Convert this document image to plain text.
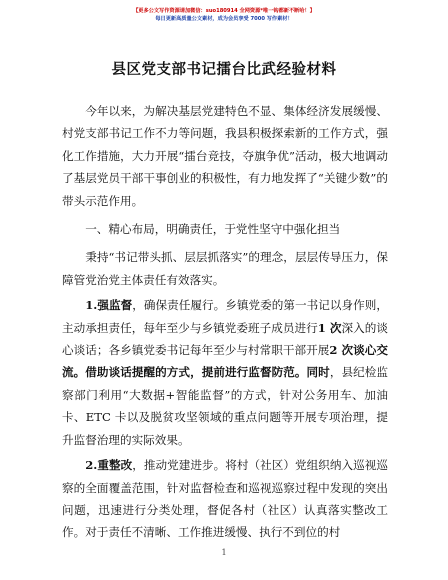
【更多公文写作资源请加微信：suo180914 全网资源*唯一钩都新不断哈！】
每日更新高质量公文素材，成为会员享受 7000 写作素材！
县区党支部书记擂台比武经验材料

今年以来，为解决基层党建特色不显、集体经济发展缓慢、村党支部书记工作不力等问题，我县积极探索新的工作方式，强化工作措施，大力开展“擂台竞技，夺旗争优”活动，极大地调动了基层党员干部干事创业的积极性，有力地发挥了“关键少数”的带头示范作用。

一、精心布局，明确责任，于党性坚守中强化担当

秉持“书记带头抓、层层抓落实”的理念，层层传导压力，保障管党治党主体责任有效落实。

1.强监督，确保责任履行。乡镇党委的第一书记以身作则，主动承担责任，每年至少与乡镇党委班子成员进行1 次深入的谈心谈话；各乡镇党委书记每年至少与村常职干部开展2 次谈心交流。借助谈话提醒的方式，提前进行监督防范。同时，县纪检监察部门利用“大数据+智能监督”的方式，针对公务用车、加油卡、ETC 卡以及脱贫攻坚领域的重点问题等开展专项治理，提升监督治理的实际效果。

2.重整改，推动党建进步。将村（社区）党组织纳入巡视巡察的全面覆盖范围，针对监督检查和巡视巡察过程中发现的突出问题，迅速进行分类处理，督促各村（社区）认真落实整改工作。对于责任不清晰、工作推进缓慢、执行不到位的村

1
